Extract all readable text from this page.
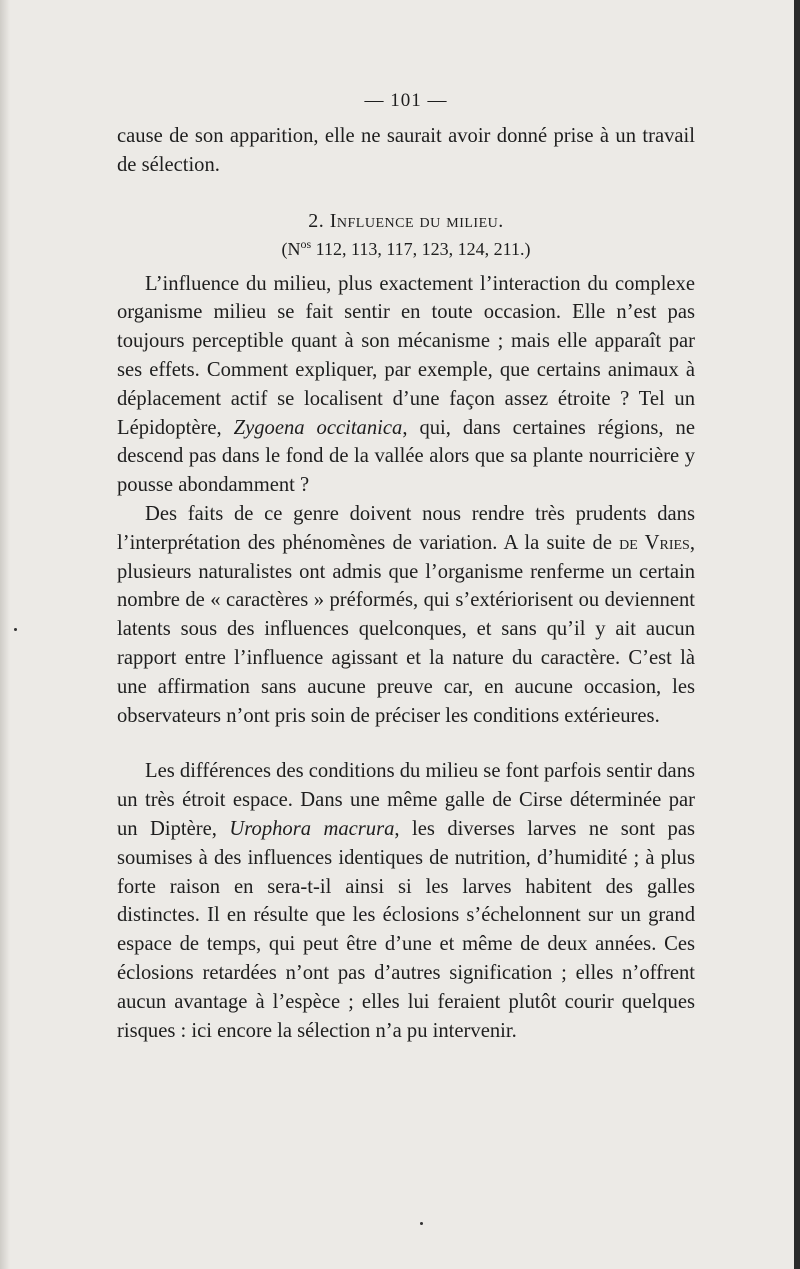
— 101 —

cause de son apparition, elle ne saurait avoir donné prise à un travail de sélection.

2. Influence du milieu.
($N^{os}$ 112, 113, 117, 123, 124, 211.)

L’influence du milieu, plus exactement l’interaction du complexe organisme milieu se fait sentir en toute occasion. Elle n’est pas toujours perceptible quant à son mécanisme ; mais elle apparaît par ses effets. Comment expliquer, par exemple, que certains animaux à déplacement actif se localisent d’une façon assez étroite ? Tel un Lépidoptère, Zygoena occitanica, qui, dans certaines régions, ne descend pas dans le fond de la vallée alors que sa plante nourricière y pousse abondamment ?

Des faits de ce genre doivent nous rendre très prudents dans l’interprétation des phénomènes de variation. A la suite de de Vries, plusieurs naturalistes ont admis que l’organisme renferme un certain nombre de « caractères » préformés, qui s’extériorisent ou deviennent latents sous des influences quelconques, et sans qu’il y ait aucun rapport entre l’influence agissant et la nature du caractère. C’est là une affirmation sans aucune preuve car, en aucune occasion, les observateurs n’ont pris soin de préciser les conditions extérieures.

Les différences des conditions du milieu se font parfois sentir dans un très étroit espace. Dans une même galle de Cirse déterminée par un Diptère, Urophora macrura, les diverses larves ne sont pas soumises à des influences identiques de nutrition, d’humidité ; à plus forte raison en sera-t-il ainsi si les larves habitent des galles distinctes. Il en résulte que les éclosions s’échelonnent sur un grand espace de temps, qui peut être d’une et même de deux années. Ces éclosions retardées n’ont pas d’autres signification ; elles n’offrent aucun avantage à l’espèce ; elles lui feraient plutôt courir quelques risques : ici encore la sélection n’a pu intervenir.
